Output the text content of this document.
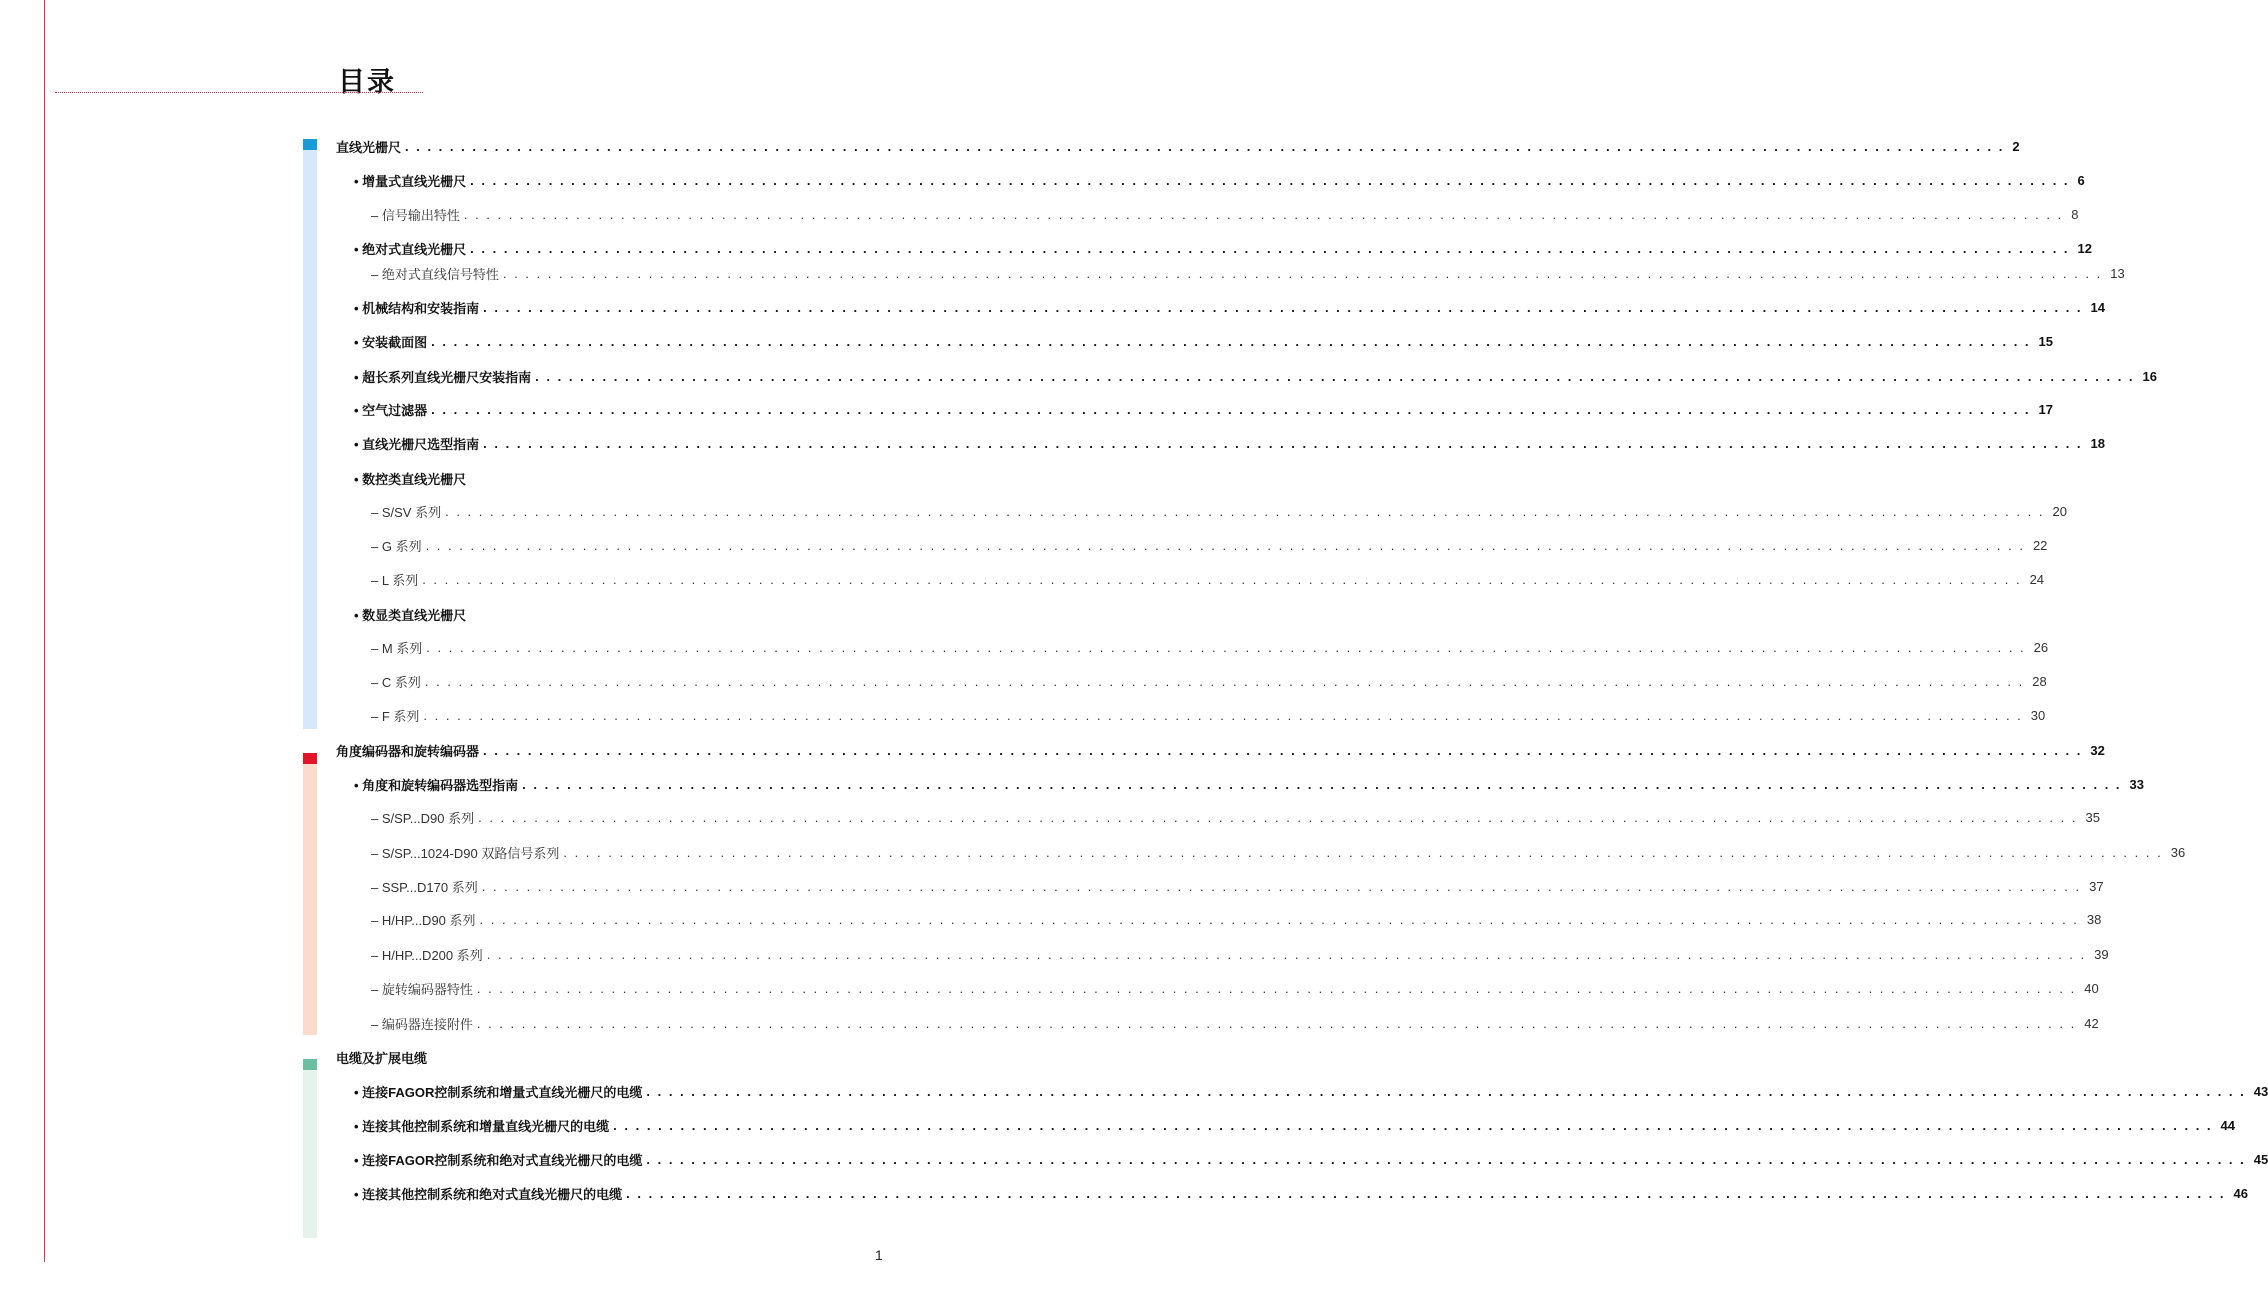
目录
直线光栅尺 . . . . . . . . . . . . . . . . . . . . . . . . . . . . . . . . . . . . . . . . . . . . . . . . . . . . . . . . . . . . . . . . . . . . . . . . . . . . . . . . . . . . . . . . . . . . . . . . . . . . . . . . . . . . . . . . . . . . . . . . . . . . . . . . . . . . . . . . . . . . . . . 2
• 增量式直线光栅尺 . . . . . . . . . . . . . . . . . . . . . . . . . . . . . . . . . . . . . . . . . . . . . . . . . . . . . . . . . . . . . . . . . . . . . . . . . . . . . . . . . . . . . . . . . . . . . . . . . . . . . . . . . . . . . . . . . . . . . . . . . . . . . . . . . . . . . . . . . . . . . . . 6
– 信号输出特性 . . . . . . . . . . . . . . . . . . . . . . . . . . . . . . . . . . . . . . . . . . . . . . . . . . . . . . . . . . . . . . . . . . . . . . . . . . . . . . . . . . . . . . . . . . . . . . . . . . . . . . . . . . . . . . . . . . . . . . . . . . . . . . . . . . . . . . . . . . . . . . . 8
• 绝对式直线光栅尺 . . . . . . . . . . . . . . . . . . . . . . . . . . . . . . . . . . . . . . . . . . . . . . . . . . . . . . . . . . . . . . . . . . . . . . . . . . . . . . . . . . . . . . . . . . . . . . . . . . . . . . . . . . . . . . . . . . . . . . . . . . . . . . . . . . . . . . . . . . . . . . . 12
– 绝对式直线信号特性 . . . . . . . . . . . . . . . . . . . . . . . . . . . . . . . . . . . . . . . . . . . . . . . . . . . . . . . . . . . . . . . . . . . . . . . . . . . . . . . . . . . . . . . . . . . . . . . . . . . . . . . . . . . . . . . . . . . . . . . . . . . . . . . . . . . . . . . . . . . . . . . 13
• 机械结构和安装指南 . . . . . . . . . . . . . . . . . . . . . . . . . . . . . . . . . . . . . . . . . . . . . . . . . . . . . . . . . . . . . . . . . . . . . . . . . . . . . . . . . . . . . . . . . . . . . . . . . . . . . . . . . . . . . . . . . . . . . . . . . . . . . . . . . . . . . . . . . . . . . . . 14
• 安装截面图 . . . . . . . . . . . . . . . . . . . . . . . . . . . . . . . . . . . . . . . . . . . . . . . . . . . . . . . . . . . . . . . . . . . . . . . . . . . . . . . . . . . . . . . . . . . . . . . . . . . . . . . . . . . . . . . . . . . . . . . . . . . . . . . . . . . . . . . . . . . . . . . 15
• 超长系列直线光栅尺安装指南 . . . . . . . . . . . . . . . . . . . . . . . . . . . . . . . . . . . . . . . . . . . . . . . . . . . . . . . . . . . . . . . . . . . . . . . . . . . . . . . . . . . . . . . . . . . . . . . . . . . . . . . . . . . . . . . . . . . . . . . . . . . . . . . . . . . . . . . . . . . . . . . 16
• 空气过滤器 . . . . . . . . . . . . . . . . . . . . . . . . . . . . . . . . . . . . . . . . . . . . . . . . . . . . . . . . . . . . . . . . . . . . . . . . . . . . . . . . . . . . . . . . . . . . . . . . . . . . . . . . . . . . . . . . . . . . . . . . . . . . . . . . . . . . . . . . . . . . . . . 17
• 直线光栅尺选型指南 . . . . . . . . . . . . . . . . . . . . . . . . . . . . . . . . . . . . . . . . . . . . . . . . . . . . . . . . . . . . . . . . . . . . . . . . . . . . . . . . . . . . . . . . . . . . . . . . . . . . . . . . . . . . . . . . . . . . . . . . . . . . . . . . . . . . . . . . . . . . . . . 18
• 数控类直线光栅尺
– S/SV 系列 . . . . . . . . . . . . . . . . . . . . . . . . . . . . . . . . . . . . . . . . . . . . . . . . . . . . . . . . . . . . . . . . . . . . . . . . . . . . . . . . . . . . . . . . . . . . . . . . . . . . . . . . . . . . . . . . . . . . . . . . . . . . . . . . . . . . . . . . . . . . . . . 20
– G 系列 . . . . . . . . . . . . . . . . . . . . . . . . . . . . . . . . . . . . . . . . . . . . . . . . . . . . . . . . . . . . . . . . . . . . . . . . . . . . . . . . . . . . . . . . . . . . . . . . . . . . . . . . . . . . . . . . . . . . . . . . . . . . . . . . . . . . . . . . . . . . . . . 22
– L 系列 . . . . . . . . . . . . . . . . . . . . . . . . . . . . . . . . . . . . . . . . . . . . . . . . . . . . . . . . . . . . . . . . . . . . . . . . . . . . . . . . . . . . . . . . . . . . . . . . . . . . . . . . . . . . . . . . . . . . . . . . . . . . . . . . . . . . . . . . . . . . . . . 24
• 数显类直线光栅尺
– M 系列 . . . . . . . . . . . . . . . . . . . . . . . . . . . . . . . . . . . . . . . . . . . . . . . . . . . . . . . . . . . . . . . . . . . . . . . . . . . . . . . . . . . . . . . . . . . . . . . . . . . . . . . . . . . . . . . . . . . . . . . . . . . . . . . . . . . . . . . . . . . . . . . 26
– C 系列 . . . . . . . . . . . . . . . . . . . . . . . . . . . . . . . . . . . . . . . . . . . . . . . . . . . . . . . . . . . . . . . . . . . . . . . . . . . . . . . . . . . . . . . . . . . . . . . . . . . . . . . . . . . . . . . . . . . . . . . . . . . . . . . . . . . . . . . . . . . . . . . 28
– F 系列 . . . . . . . . . . . . . . . . . . . . . . . . . . . . . . . . . . . . . . . . . . . . . . . . . . . . . . . . . . . . . . . . . . . . . . . . . . . . . . . . . . . . . . . . . . . . . . . . . . . . . . . . . . . . . . . . . . . . . . . . . . . . . . . . . . . . . . . . . . . . . . . 30
角度编码器和旋转编码器 . . . . . . . . . . . . . . . . . . . . . . . . . . . . . . . . . . . . . . . . . . . . . . . . . . . . . . . . . . . . . . . . . . . . . . . . . . . . . . . . . . . . . . . . . . . . . . . . . . . . . . . . . . . . . . . . . . . . . . . . . . . . . . . . . . . . . . . . . . . . . . . 32
• 角度和旋转编码器选型指南 . . . . . . . . . . . . . . . . . . . . . . . . . . . . . . . . . . . . . . . . . . . . . . . . . . . . . . . . . . . . . . . . . . . . . . . . . . . . . . . . . . . . . . . . . . . . . . . . . . . . . . . . . . . . . . . . . . . . . . . . . . . . . . . . . . . . . . . . . . . . . . . 33
– S/SP...D90 系列 . . . . . . . . . . . . . . . . . . . . . . . . . . . . . . . . . . . . . . . . . . . . . . . . . . . . . . . . . . . . . . . . . . . . . . . . . . . . . . . . . . . . . . . . . . . . . . . . . . . . . . . . . . . . . . . . . . . . . . . . . . . . . . . . . . . . . . . . . . . . . . . 35
– S/SP...1024-D90 双路信号系列 . . . . . . . . . . . . . . . . . . . . . . . . . . . . . . . . . . . . . . . . . . . . . . . . . . . . . . . . . . . . . . . . . . . . . . . . . . . . . . . . . . . . . . . . . . . . . . . . . . . . . . . . . . . . . . . . . . . . . . . . . . . . . . . . . . . . . . . . . . . . . . . 36
– SSP...D170 系列 . . . . . . . . . . . . . . . . . . . . . . . . . . . . . . . . . . . . . . . . . . . . . . . . . . . . . . . . . . . . . . . . . . . . . . . . . . . . . . . . . . . . . . . . . . . . . . . . . . . . . . . . . . . . . . . . . . . . . . . . . . . . . . . . . . . . . . . . . . . . . . . 37
– H/HP...D90 系列 . . . . . . . . . . . . . . . . . . . . . . . . . . . . . . . . . . . . . . . . . . . . . . . . . . . . . . . . . . . . . . . . . . . . . . . . . . . . . . . . . . . . . . . . . . . . . . . . . . . . . . . . . . . . . . . . . . . . . . . . . . . . . . . . . . . . . . . . . . . . . . . 38
– H/HP...D200 系列 . . . . . . . . . . . . . . . . . . . . . . . . . . . . . . . . . . . . . . . . . . . . . . . . . . . . . . . . . . . . . . . . . . . . . . . . . . . . . . . . . . . . . . . . . . . . . . . . . . . . . . . . . . . . . . . . . . . . . . . . . . . . . . . . . . . . . . . . . . . . . . . 39
– 旋转编码器特性 . . . . . . . . . . . . . . . . . . . . . . . . . . . . . . . . . . . . . . . . . . . . . . . . . . . . . . . . . . . . . . . . . . . . . . . . . . . . . . . . . . . . . . . . . . . . . . . . . . . . . . . . . . . . . . . . . . . . . . . . . . . . . . . . . . . . . . . . . . . . . . . 40
– 编码器连接附件 . . . . . . . . . . . . . . . . . . . . . . . . . . . . . . . . . . . . . . . . . . . . . . . . . . . . . . . . . . . . . . . . . . . . . . . . . . . . . . . . . . . . . . . . . . . . . . . . . . . . . . . . . . . . . . . . . . . . . . . . . . . . . . . . . . . . . . . . . . . . . . . 42
电缆及扩展电缆
• 连接FAGOR控制系统和增量式直线光栅尺的电缆 . . . . . . . . . . . . . . . . . . . . . . . . . . . . . . . . . . . . . . . . . . . . . . . . . . . . . . . . . . . . . . . . . . . . . . . . . . . . . . . . . . . . . . . . . . . . . . . . . . . . . . . . . . . . . . . . . . . . . . . . . . . . . . . . . . . . . . . . . . . . . . . 43
• 连接其他控制系统和增量直线光栅尺的电缆 . . . . . . . . . . . . . . . . . . . . . . . . . . . . . . . . . . . . . . . . . . . . . . . . . . . . . . . . . . . . . . . . . . . . . . . . . . . . . . . . . . . . . . . . . . . . . . . . . . . . . . . . . . . . . . . . . . . . . . . . . . . . . . . . . . . . . . . . . . . . . . . 44
• 连接FAGOR控制系统和绝对式直线光栅尺的电缆 . . . . . . . . . . . . . . . . . . . . . . . . . . . . . . . . . . . . . . . . . . . . . . . . . . . . . . . . . . . . . . . . . . . . . . . . . . . . . . . . . . . . . . . . . . . . . . . . . . . . . . . . . . . . . . . . . . . . . . . . . . . . . . . . . . . . . . . . . . . . . . . 45
• 连接其他控制系统和绝对式直线光栅尺的电缆 . . . . . . . . . . . . . . . . . . . . . . . . . . . . . . . . . . . . . . . . . . . . . . . . . . . . . . . . . . . . . . . . . . . . . . . . . . . . . . . . . . . . . . . . . . . . . . . . . . . . . . . . . . . . . . . . . . . . . . . . . . . . . . . . . . . . . . . . . . . . . . . 46
1
